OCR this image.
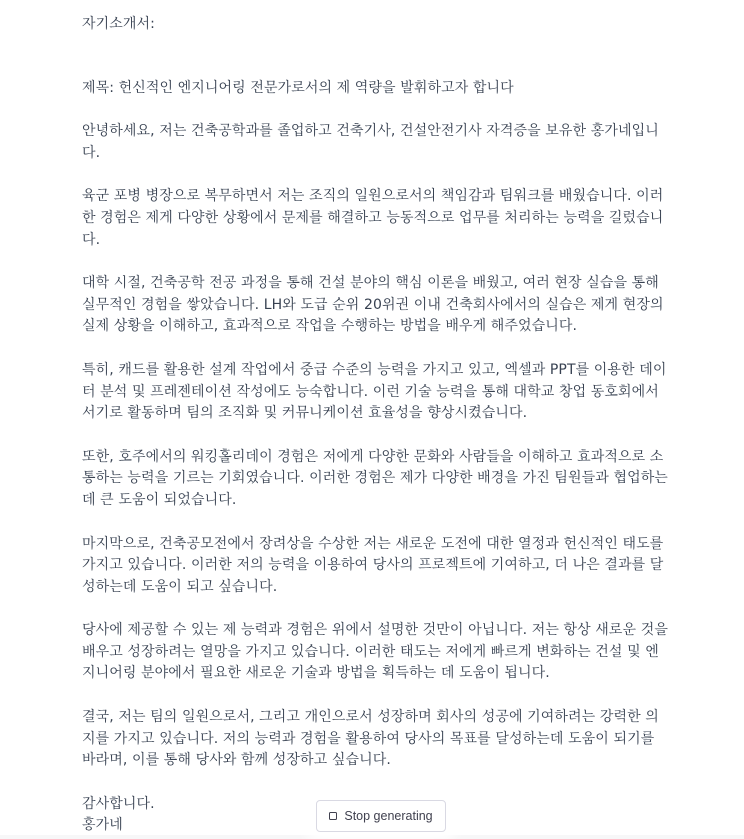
자기소개서:

제목: 헌신적인 엔지니어링 전문가로서의 제 역량을 발휘하고자 합니다

안녕하세요, 저는 건축공학과를 졸업하고 건축기사, 건설안전기사 자격증을 보유한 홍가네입니다.

육군 포병 병장으로 복무하면서 저는 조직의 일원으로서의 책임감과 팀워크를 배웠습니다. 이러한 경험은 제게 다양한 상황에서 문제를 해결하고 능동적으로 업무를 처리하는 능력을 길렀습니다.

대학 시절, 건축공학 전공 과정을 통해 건설 분야의 핵심 이론을 배웠고, 여러 현장 실습을 통해 실무적인 경험을 쌓았습니다. LH와 도급 순위 20위권 이내 건축회사에서의 실습은 제게 현장의 실제 상황을 이해하고, 효과적으로 작업을 수행하는 방법을 배우게 해주었습니다.

특히, 캐드를 활용한 설계 작업에서 중급 수준의 능력을 가지고 있고, 엑셀과 PPT를 이용한 데이터 분석 및 프레젠테이션 작성에도 능숙합니다. 이런 기술 능력을 통해 대학교 창업 동호회에서 서기로 활동하며 팀의 조직화 및 커뮤니케이션 효율성을 향상시켰습니다.

또한, 호주에서의 워킹홀리데이 경험은 저에게 다양한 문화와 사람들을 이해하고 효과적으로 소통하는 능력을 기르는 기회였습니다. 이러한 경험은 제가 다양한 배경을 가진 팀원들과 협업하는 데 큰 도움이 되었습니다.

마지막으로, 건축공모전에서 장려상을 수상한 저는 새로운 도전에 대한 열정과 헌신적인 태도를 가지고 있습니다. 이러한 저의 능력을 이용하여 당사의 프로젝트에 기여하고, 더 나은 결과를 달성하는데 도움이 되고 싶습니다.

당사에 제공할 수 있는 제 능력과 경험은 위에서 설명한 것만이 아닙니다. 저는 항상 새로운 것을 배우고 성장하려는 열망을 가지고 있습니다. 이러한 태도는 저에게 빠르게 변화하는 건설 및 엔지니어링 분야에서 필요한 새로운 기술과 방법을 획득하는 데 도움이 됩니다.

결국, 저는 팀의 일원으로서, 그리고 개인으로서 성장하며 회사의 성공에 기여하려는 강력한 의지를 가지고 있습니다. 저의 능력과 경험을 활용하여 당사의 목표를 달성하는데 도움이 되기를 바라며, 이를 통해 당사와 함께 성장하고 싶습니다.

감사합니다.

홍가네

Stop generating
